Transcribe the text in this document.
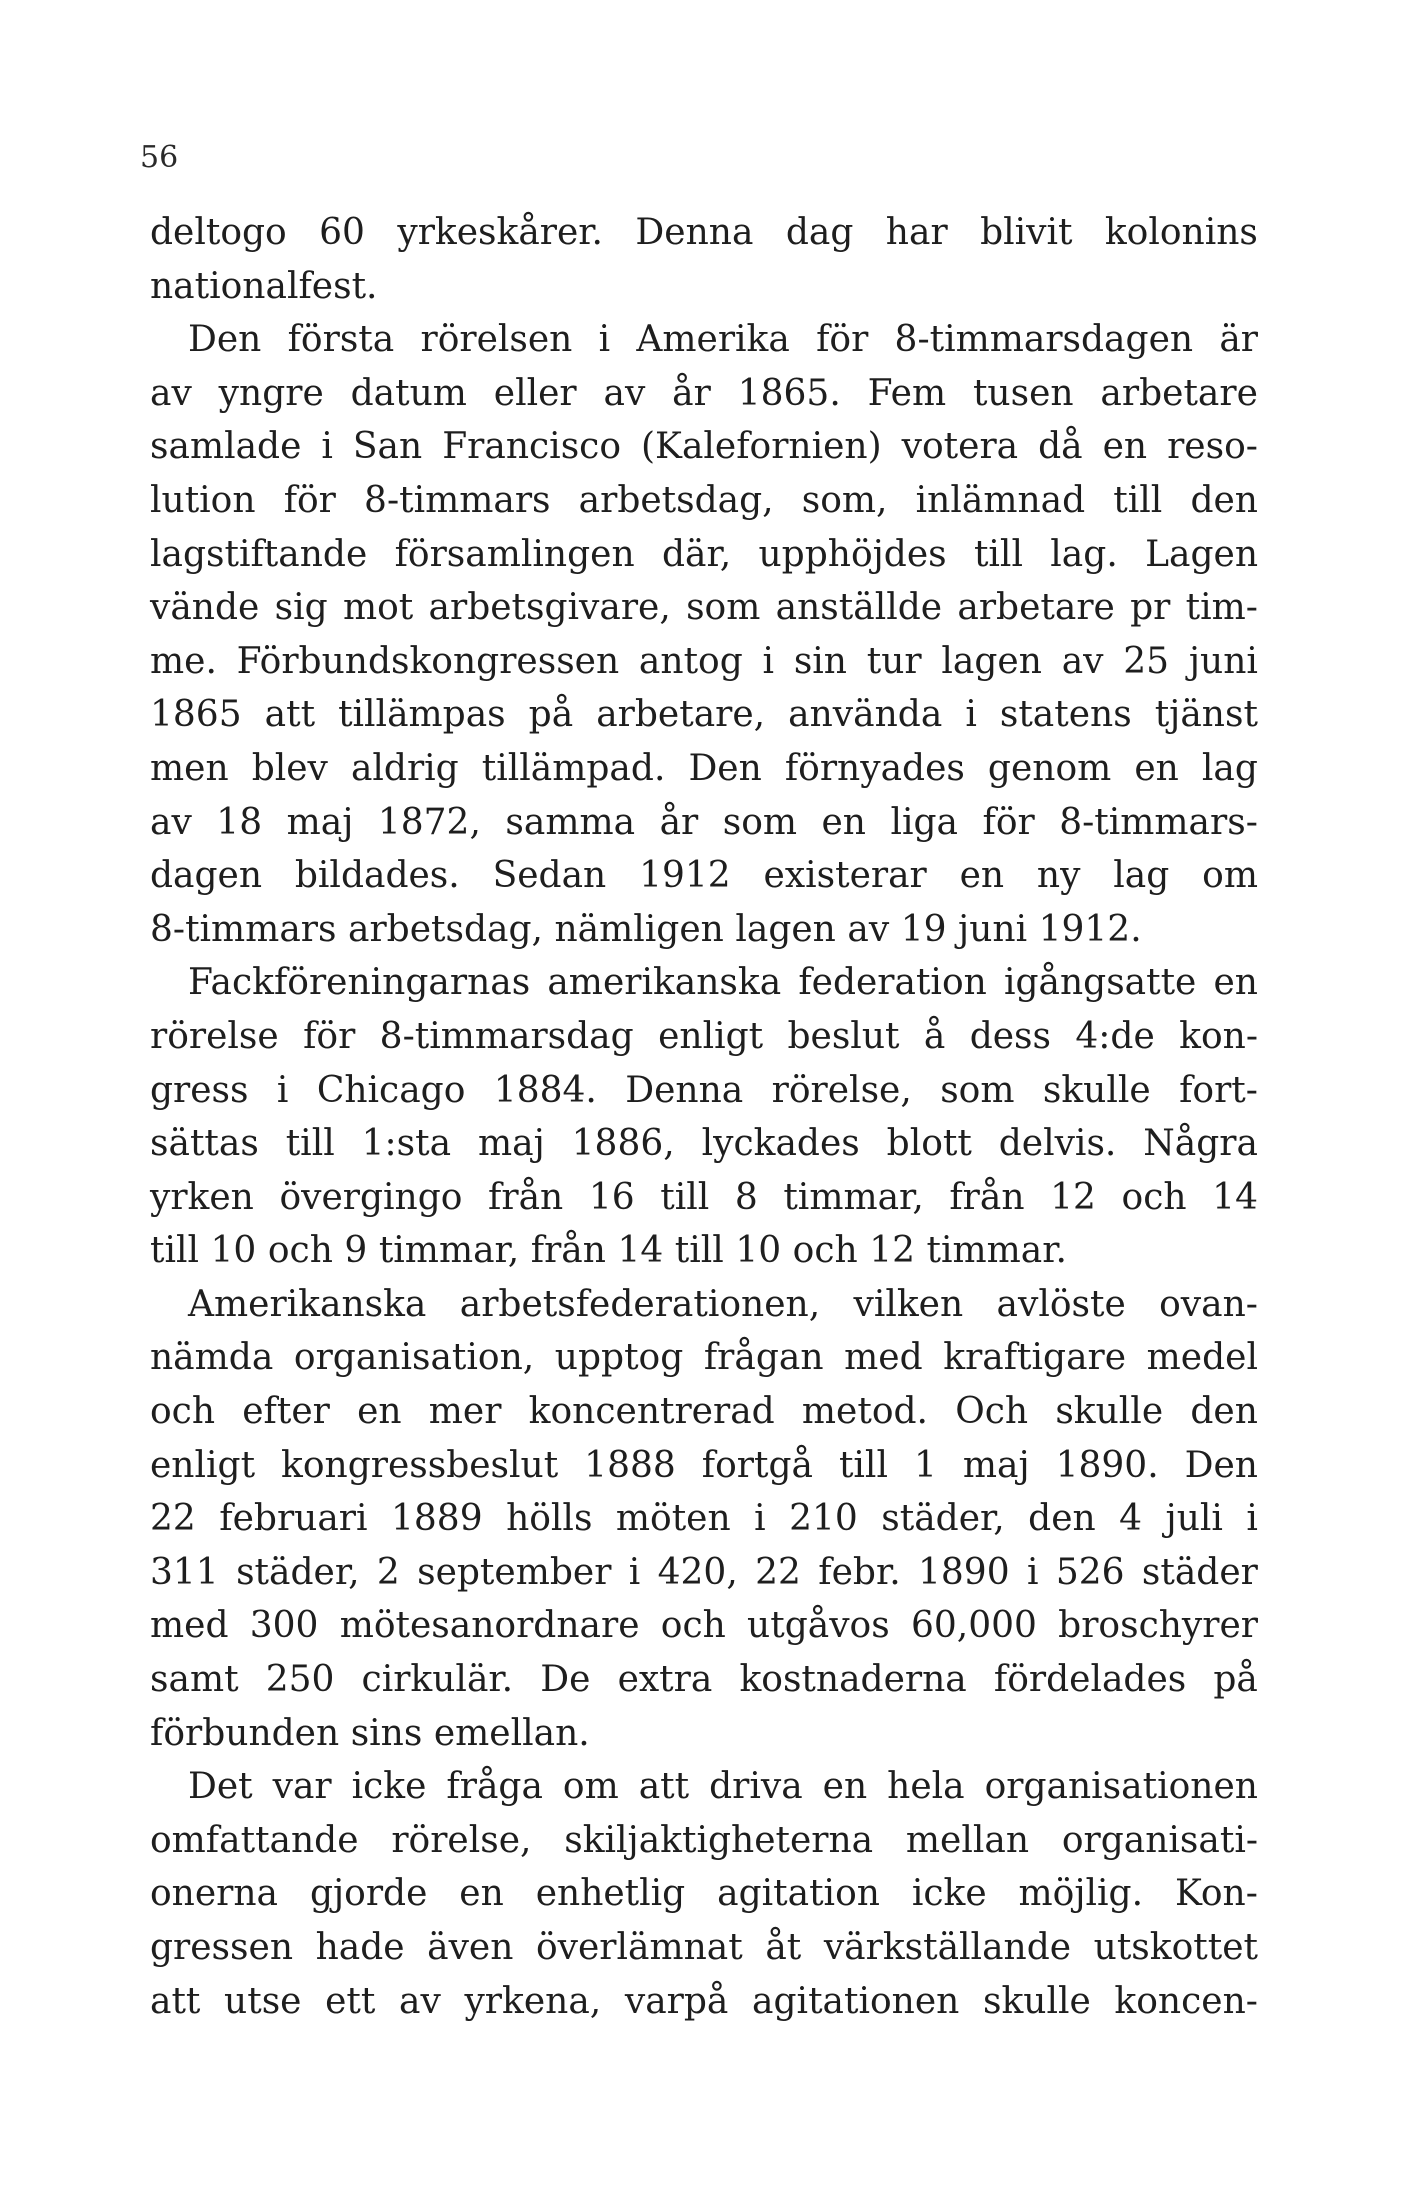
56
deltogo 60 yrkeskårer. Denna dag har blivit kolonins
nationalfest.
Den första rörelsen i Amerika för 8-timmarsdagen är
av yngre datum eller av år 1865. Fem tusen arbetare
samlade i San Francisco (Kalefornien) votera då en reso-
lution för 8-timmars arbetsdag, som, inlämnad till den
lagstiftande församlingen där, upphöjdes till lag. Lagen
vände sig mot arbetsgivare, som anställde arbetare pr tim-
me. Förbundskongressen antog i sin tur lagen av 25 juni
1865 att tillämpas på arbetare, använda i statens tjänst
men blev aldrig tillämpad. Den förnyades genom en lag
av 18 maj 1872, samma år som en liga för 8-timmars-
dagen bildades. Sedan 1912 existerar en ny lag om
8-timmars arbetsdag, nämligen lagen av 19 juni 1912.
Fackföreningarnas amerikanska federation igångsatte en
rörelse för 8-timmarsdag enligt beslut å dess 4:de kon-
gress i Chicago 1884. Denna rörelse, som skulle fort-
sättas till 1:sta maj 1886, lyckades blott delvis. Några
yrken övergingo från 16 till 8 timmar, från 12 och 14
till 10 och 9 timmar, från 14 till 10 och 12 timmar.
Amerikanska arbetsfederationen, vilken avlöste ovan-
nämda organisation, upptog frågan med kraftigare medel
och efter en mer koncentrerad metod. Och skulle den
enligt kongressbeslut 1888 fortgå till 1 maj 1890. Den
22 februari 1889 hölls möten i 210 städer, den 4 juli i
311 städer, 2 september i 420, 22 febr. 1890 i 526 städer
med 300 mötesanordnare och utgåvos 60,000 broschyrer
samt 250 cirkulär. De extra kostnaderna fördelades på
förbunden sins emellan.
Det var icke fråga om att driva en hela organisationen
omfattande rörelse, skiljaktigheterna mellan organisati-
onerna gjorde en enhetlig agitation icke möjlig. Kon-
gressen hade även överlämnat åt värkställande utskottet
att utse ett av yrkena, varpå agitationen skulle koncen-
